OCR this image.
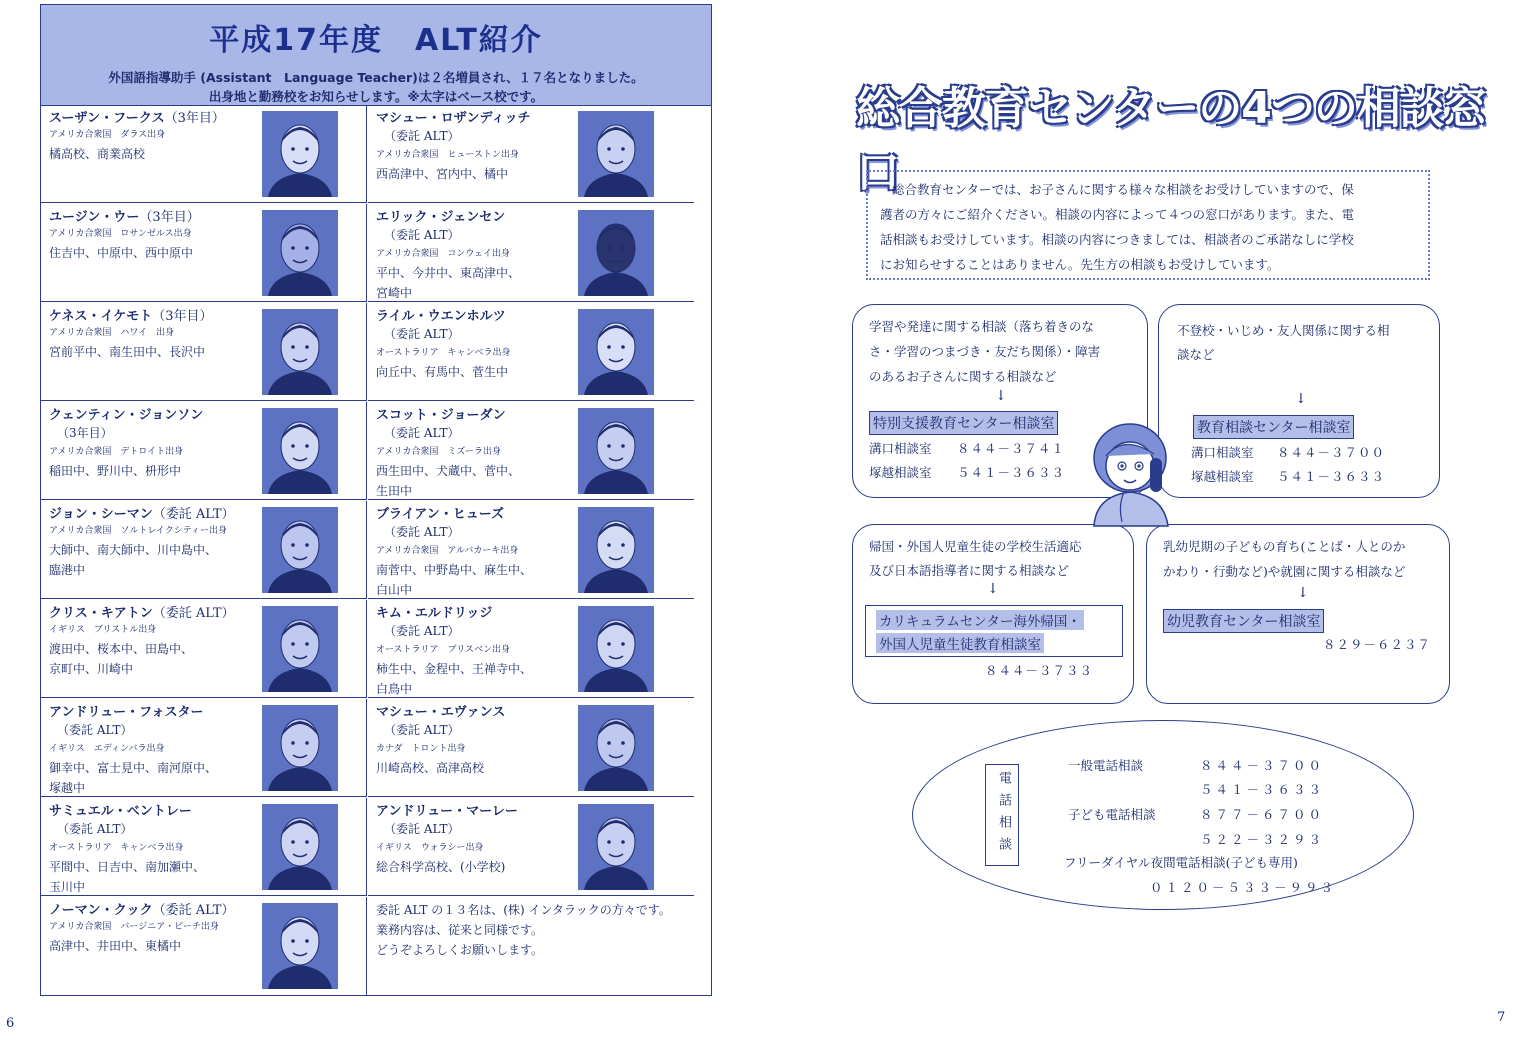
平成17年度　ALT紹介
外国語指導助手 (Assistant　Language Teacher)は２名増員され、１７名となりました。
出身地と勤務校をお知らせします。※太字はベース校です。
スーザン・フークス（3年目）
アメリカ合衆国　ダラス出身
橘高校、商業高校
マシュー・ロザンディッチ
（委託 ALT）
アメリカ合衆国　ヒューストン出身
西高津中、宮内中、橘中
ユージン・ウー（3年目）
アメリカ合衆国　ロサンゼルス出身
住吉中、中原中、西中原中
エリック・ジェンセン
（委託 ALT）
アメリカ合衆国　コンウェイ出身
平中、今井中、東高津中、
宮崎中
ケネス・イケモト（3年目）
アメリカ合衆国　ハワイ　出身
宮前平中、南生田中、長沢中
ライル・ウエンホルツ
（委託 ALT）
オーストラリア　キャンベラ出身
向丘中、有馬中、菅生中
クェンティン・ジョンソン
（3年目）
アメリカ合衆国　デトロイト出身
稲田中、野川中、枡形中
スコット・ジョーダン
（委託 ALT）
アメリカ合衆国　ミズーラ出身
西生田中、犬蔵中、菅中、
生田中
ジョン・シーマン（委託 ALT）
アメリカ合衆国　ソルトレイクシティー出身
大師中、南大師中、川中島中、
臨港中
ブライアン・ヒューズ
（委託 ALT）
アメリカ合衆国　アルバカーキ出身
南菅中、中野島中、麻生中、
白山中
クリス・キアトン（委託 ALT）
イギリス　ブリストル出身
渡田中、桜本中、田島中、
京町中、川崎中
キム・エルドリッジ
（委託 ALT）
オーストラリア　ブリスベン出身
柿生中、金程中、王禅寺中、
白鳥中
アンドリュー・フォスター
（委託 ALT）
イギリス　エディンバラ出身
御幸中、富士見中、南河原中、
塚越中
マシュー・エヴァンス
（委託 ALT）
カナダ　トロント出身
川崎高校、高津高校
サミュエル・ベントレー
（委託 ALT）
オーストラリア　キャンベラ出身
平間中、日吉中、南加瀬中、
玉川中
アンドリュー・マーレー
（委託 ALT）
イギリス　ウォラシー出身
総合科学高校、(小学校)
ノーマン・クック（委託 ALT）
アメリカ合衆国　バージニア・ビーチ出身
高津中、井田中、東橘中
委託 ALT の１３名は、(株) インタラックの方々です。
業務内容は、従来と同様です。
どうぞよろしくお願いします。
6
総合教育センターの4つの相談窓口
総合教育センターでは、お子さんに関する様々な相談をお受けしていますので、保
護者の方々にご紹介ください。相談の内容によって４つの窓口があります。また、電
話相談もお受けしています。相談の内容につきましては、相談者のご承諾なしに学校
にお知らせすることはありません。先生方の相談もお受けしています。
学習や発達に関する相談（落ち着きのな
さ・学習のつまづき・友だち関係）・障害
のあるお子さんに関する相談など
↓
特別支援教育センター相談室
溝口相談室 ８４４－３７４１
塚越相談室 ５４１－３６３３
不登校・いじめ・友人関係に関する相
談など
↓
教育相談センター相談室
溝口相談室 ８４４－３７００
塚越相談室 ５４１－３６３３
帰国・外国人児童生徒の学校生活適応
及び日本語指導者に関する相談など
↓
カリキュラムセンター海外帰国・
外国人児童生徒教育相談室
８４４－３７３３
乳幼児期の子どもの育ち(ことば・人とのか
かわり・行動など)や就園に関する相談など
↓
幼児教育センター相談室
８２９－６２３７
電話相談
一般電話相談	８４４－３７００
５４１－３６３３
子ども電話相談	８７７－６７００
５２２－３２９３
フリーダイヤル夜間電話相談(子ども専用)
０１２０－５３３－９９３
7
